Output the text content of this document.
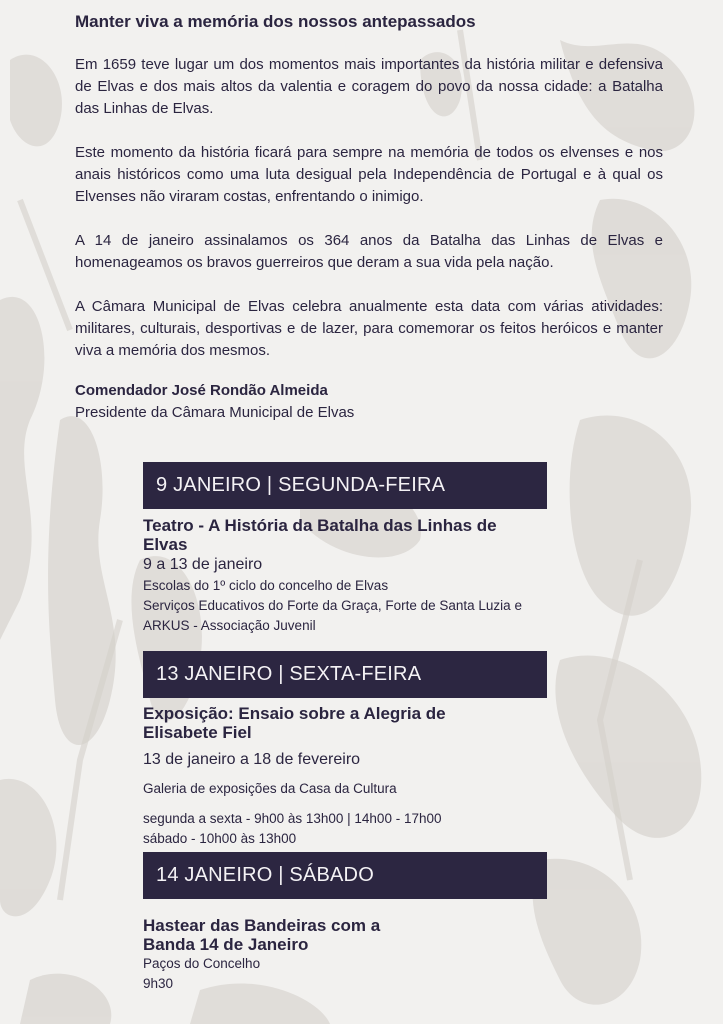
Manter viva a memória dos nossos antepassados

Em 1659 teve lugar um dos momentos mais importantes da história militar e defensiva de Elvas e dos mais altos da valentia e coragem do povo da nossa cidade: a Batalha das Linhas de Elvas.

Este momento da história ficará para sempre na memória de todos os elvenses e nos anais históricos como uma luta desigual pela Independência de Portugal e à qual os Elvenses não viraram costas, enfrentando o inimigo.

A 14 de janeiro assinalamos os 364 anos da Batalha das Linhas de Elvas e homenageamos os bravos guerreiros que deram a sua vida pela nação.

A Câmara Municipal de Elvas celebra anualmente esta data com várias atividades: militares, culturais, desportivas e de lazer, para comemorar os feitos heróicos e manter viva a memória dos mesmos.

Comendador José Rondão Almeida

Presidente da Câmara Municipal de Elvas

9 JANEIRO | SEGUNDA-FEIRA

Teatro - A História da Batalha das Linhas de Elvas

9 a 13 de janeiro

Escolas do 1º ciclo do concelho de Elvas

Serviços Educativos do Forte da Graça, Forte de Santa Luzia e ARKUS - Associação Juvenil

13 JANEIRO | SEXTA-FEIRA

Exposição: Ensaio sobre a Alegria de Elisabete Fiel

13 de janeiro a 18 de fevereiro

Galeria de exposições da Casa da Cultura

segunda a sexta - 9h00 às 13h00 | 14h00 - 17h00

sábado - 10h00 às 13h00

14 JANEIRO | SÁBADO

Hastear das Bandeiras com a Banda 14 de Janeiro

Paços do Concelho

9h30
